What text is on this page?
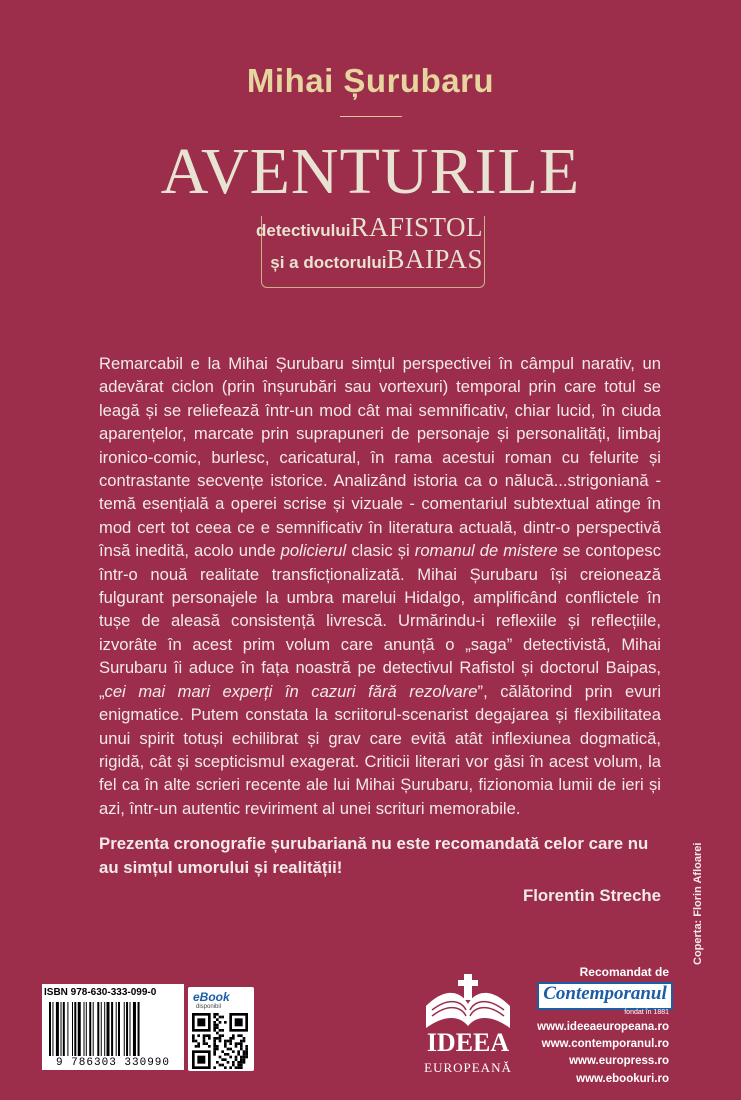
Mihai Șurubaru
AVENTURILE
detectivuluiRAFISTOL
și a doctoruluiBAIPAS
Remarcabil e la Mihai Șurubaru simțul perspectivei în câmpul narativ, un adevărat ciclon (prin înșurubări sau vortexuri) temporal prin care totul se leagă și se reliefează într-un mod cât mai semnificativ, chiar lucid, în ciuda aparențelor, marcate prin suprapuneri de personaje și personalități, limbaj ironico-comic, burlesc, caricatural, în rama acestui roman cu felurite și contrastante secvențe istorice. Analizând istoria ca o nălucă...strigoniană - temă esențială a operei scrise și vizuale - comentariul subtextual atinge în mod cert tot ceea ce e semnificativ în literatura actuală, dintr-o perspectivă însă inedită, acolo unde policierul clasic și romanul de mistere se contopesc într-o nouă realitate transficționalizată. Mihai Șurubaru își creionează fulgurant personajele la umbra marelui Hidalgo, amplificând conflictele în tușe de aleasă consistență livrescă. Urmărindu-i reflexiile și reflecțiile, izvorâte în acest prim volum care anunță o „saga” detectivistă, Mihai Surubaru îi aduce în fața noastră pe detectivul Rafistol și doctorul Baipas, „cei mai mari experți în cazuri fără rezolvare”, călătorind prin evuri enigmatice. Putem constata la scriitorul-scenarist degajarea și flexibilitatea unui spirit totuși echilibrat și grav care evită atât inflexiunea dogmatică, rigidă, cât și scepticismul exagerat. Criticii literari vor găsi în acest volum, la fel ca în alte scrieri recente ale lui Mihai Șurubaru, fizionomia lumii de ieri și azi, într-un autentic reviriment al unei scrituri memorabile.
Prezenta cronografie șurubariană nu este recomandată celor care nu au simțul umorului și realității!
Florentin Streche	Coperta: Florin Afloarei
ISBN 978-630-333-099-0
9 786303 330990
eBook
disponibil
IDEEA
EUROPEANĂ
Recomandat de
Contemporanul
fondat în 1881
www.ideeaeuropeana.ro
www.contemporanul.ro
www.europress.ro
www.ebookuri.ro
